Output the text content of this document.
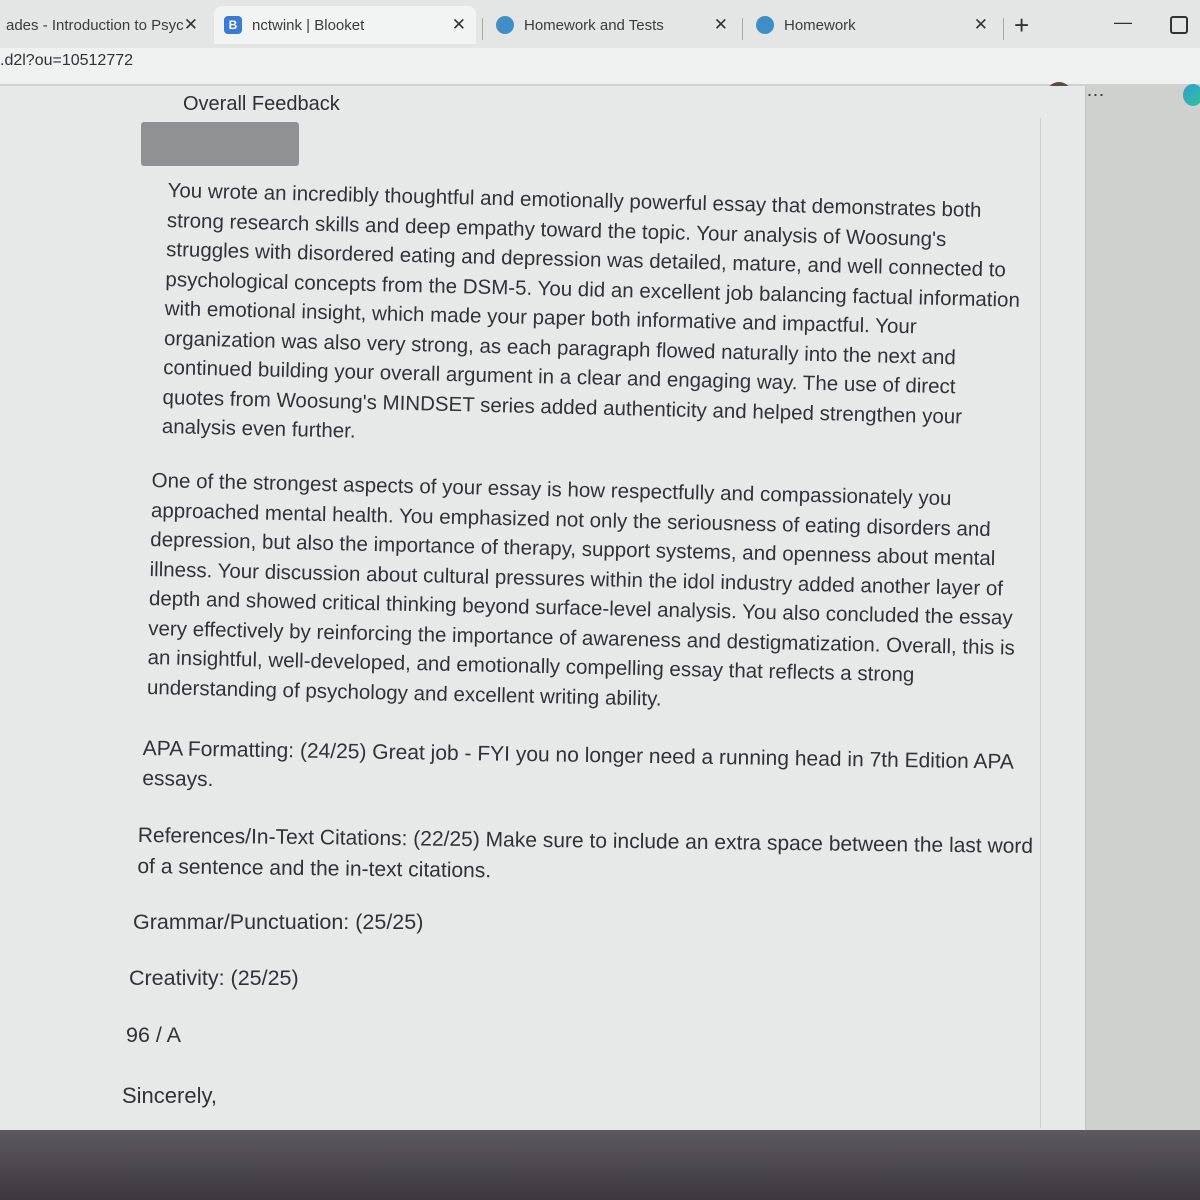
ades - Introduction to Psyc ✕	B nctwink | Blooket	✕	Homework and Tests	✕	Homework	✕ +	—
.d2l?ou=10512772
⋯
Overall Feedback

You wrote an incredibly thoughtful and emotionally powerful essay that demonstrates both strong research skills and deep empathy toward the topic. Your analysis of Woosung's struggles with disordered eating and depression was detailed, mature, and well connected to psychological concepts from the DSM-5. You did an excellent job balancing factual information with emotional insight, which made your paper both informative and impactful. Your organization was also very strong, as each paragraph flowed naturally into the next and continued building your overall argument in a clear and engaging way. The use of direct quotes from Woosung's MINDSET series added authenticity and helped strengthen your analysis even further.

One of the strongest aspects of your essay is how respectfully and compassionately you approached mental health. You emphasized not only the seriousness of eating disorders and depression, but also the importance of therapy, support systems, and openness about mental illness. Your discussion about cultural pressures within the idol industry added another layer of depth and showed critical thinking beyond surface-level analysis. You also concluded the essay very effectively by reinforcing the importance of awareness and destigmatization. Overall, this is an insightful, well-developed, and emotionally compelling essay that reflects a strong understanding of psychology and excellent writing ability.

APA Formatting: (24/25) Great job - FYI you no longer need a running head in 7th Edition APA essays.

References/In-Text Citations: (22/25) Make sure to include an extra space between the last word of a sentence and the in-text citations.

Grammar/Punctuation: (25/25)

Creativity: (25/25)

96 / A

Sincerely,
